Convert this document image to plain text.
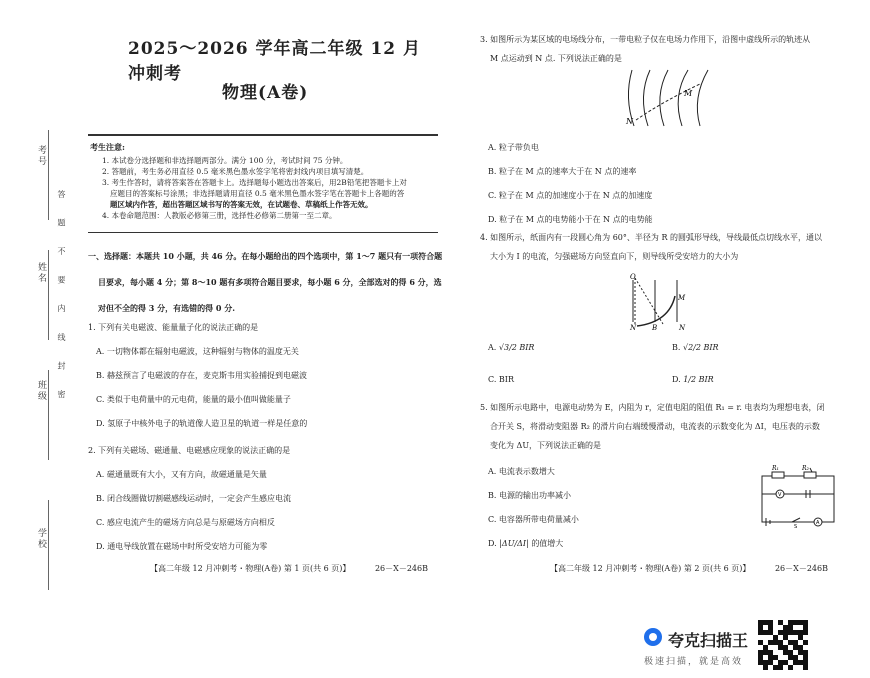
考号
姓名
班级
学校
答 题 不 要 内 线 封 密
2025～2026 学年高二年级 12 月冲刺考
物理(A卷)
考生注意:
1. 本试卷分选择题和非选择题两部分。满分 100 分，考试时间 75 分钟。
2. 答题前，考生务必用直径 0.5 毫米黑色墨水签字笔将密封线内项目填写清楚。
3. 考生作答时，请将答案答在答题卡上。选择题每小题选出答案后，用2B铅笔把答题卡上对
应题目的答案标号涂黑；非选择题请用直径 0.5 毫米黑色墨水签字笔在答题卡上各题的答
题区域内作答，超出答题区域书写的答案无效，在试题卷、草稿纸上作答无效。
4. 本卷命题范围：人教版必修第三册，选择性必修第二册第一至二章。
一、选择题：本题共 10 小题，共 46 分。在每小题给出的四个选项中，第 1～7 题只有一项符合题
目要求，每小题 4 分；第 8～10 题有多项符合题目要求，每小题 6 分，全部选对的得 6 分，选
对但不全的得 3 分，有选错的得 0 分.
1. 下列有关电磁波、能量量子化的说法正确的是
A. 一切物体都在辐射电磁波，这种辐射与物体的温度无关
B. 赫兹预言了电磁波的存在，麦克斯韦用实验捕捉到电磁波
C. 类似于电荷量中的元电荷，能量的最小值叫做能量子
D. 氢原子中核外电子的轨道像人造卫星的轨道一样是任意的
2. 下列有关磁场、磁通量、电磁感应现象的说法正确的是
A. 磁通量既有大小，又有方向，故磁通量是矢量
B. 闭合线圈做切割磁感线运动时，一定会产生感应电流
C. 感应电流产生的磁场方向总是与原磁场方向相反
D. 通电导线放置在磁场中时所受安培力可能为零
【高二年级 12 月冲刺考・物理(A卷) 第 1 页(共 6 页)】	26－X－246B
3. 如图所示为某区域的电场线分布，一带电粒子仅在电场力作用下，沿图中虚线所示的轨迹从
M 点运动到 N 点. 下列说法正确的是
N
M
A. 粒子带负电
B. 粒子在 M 点的速率大于在 N 点的速率
C. 粒子在 M 点的加速度小于在 N 点的加速度
D. 粒子在 M 点的电势能小于在 N 点的电势能
4. 如图所示，纸面内有一段圆心角为 60°、半径为 R 的圆弧形导线，导线最低点切线水平，通以
大小为 I 的电流，匀强磁场方向竖直向下，则导线所受安培力的大小为
O
M
N B	N
A. √3/2 BIR	B. √2/2 BIR
C. BIR	D. 1/2 BIR
5. 如图所示电路中，电源电动势为 E，内阻为 r，定值电阻的阻值 R₁ = r. 电表均为理想电表，闭
合开关 S，将滑动变阻器 R₂ 的滑片向右端缓慢滑动，电流表的示数变化为 ΔI，电压表的示数
变化为 ΔU，下列说法正确的是
A. 电流表示数增大
B. 电源的输出功率减小
C. 电容器所带电荷量减小
D. |ΔU/ΔI| 的值增大
R₁	R₂
V
A
S
【高二年级 12 月冲刺考・物理(A卷) 第 2 页(共 6 页)】	26－X－246B
夸克扫描王
极速扫描，就是高效
